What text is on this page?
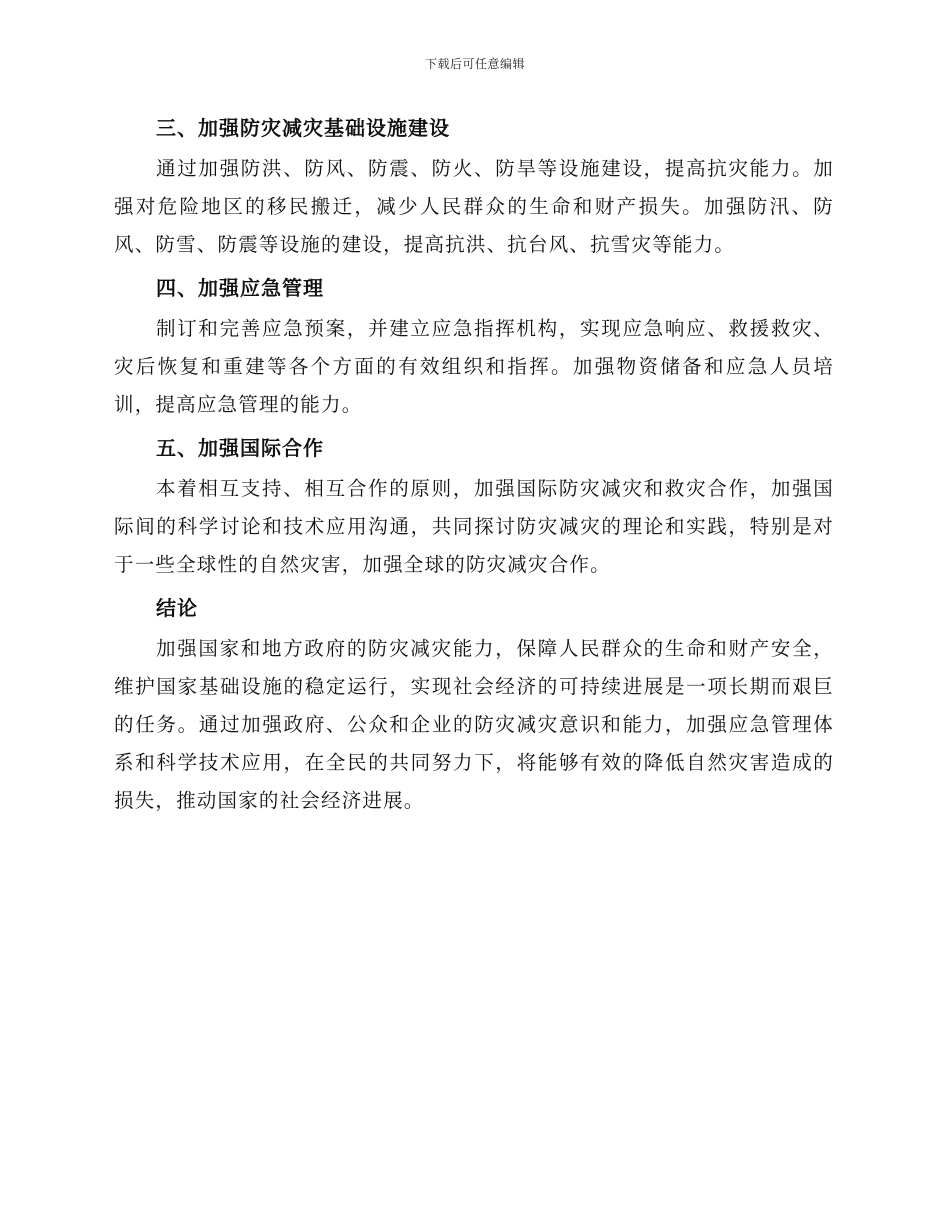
下载后可任意编辑
三、加强防灾减灾基础设施建设

通过加强防洪、防风、防震、防火、防旱等设施建设，提高抗灾能力。加强对危险地区的移民搬迁，减少人民群众的生命和财产损失。加强防汛、防风、防雪、防震等设施的建设，提高抗洪、抗台风、抗雪灾等能力。

四、加强应急管理

制订和完善应急预案，并建立应急指挥机构，实现应急响应、救援救灾、灾后恢复和重建等各个方面的有效组织和指挥。加强物资储备和应急人员培训，提高应急管理的能力。

五、加强国际合作

本着相互支持、相互合作的原则，加强国际防灾减灾和救灾合作，加强国际间的科学讨论和技术应用沟通，共同探讨防灾减灾的理论和实践，特别是对于一些全球性的自然灾害，加强全球的防灾减灾合作。

结论

加强国家和地方政府的防灾减灾能力，保障人民群众的生命和财产安全，维护国家基础设施的稳定运行，实现社会经济的可持续进展是一项长期而艰巨的任务。通过加强政府、公众和企业的防灾减灾意识和能力，加强应急管理体系和科学技术应用，在全民的共同努力下，将能够有效的降低自然灾害造成的损失，推动国家的社会经济进展。
